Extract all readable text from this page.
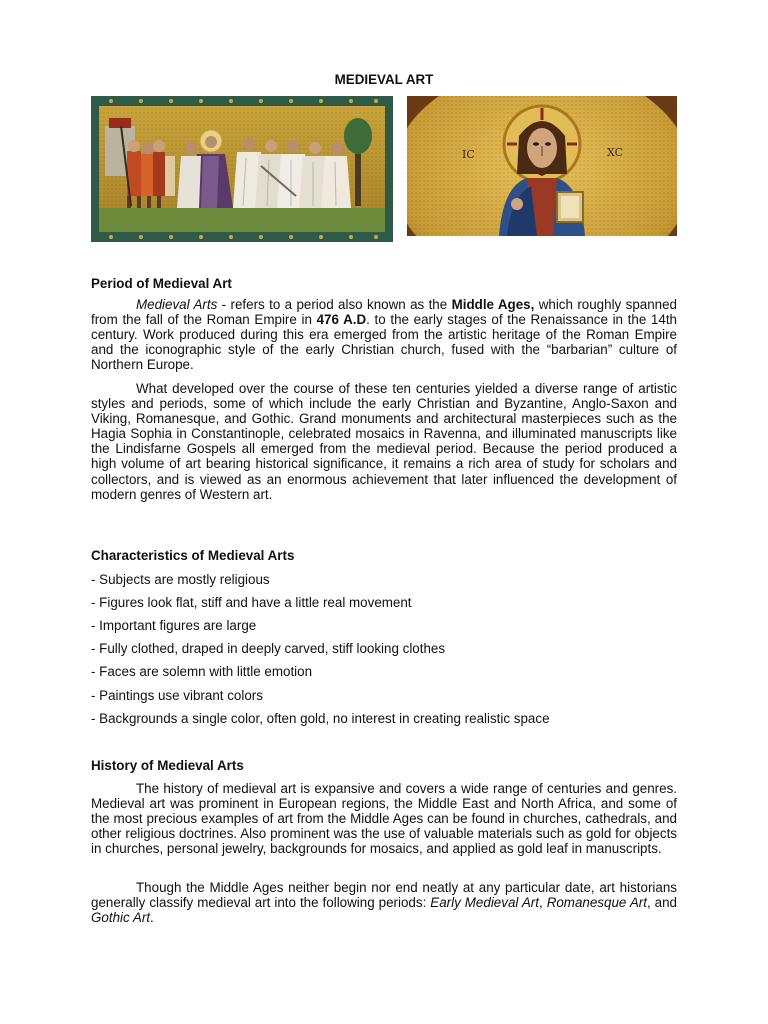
MEDIEVAL ART
IC	XC
Period of Medieval Art

Medieval Arts - refers to a period also known as the Middle Ages, which roughly spanned from the fall of the Roman Empire in 476 A.D. to the early stages of the Renaissance in the 14th century. Work produced during this era emerged from the artistic heritage of the Roman Empire and the iconographic style of the early Christian church, fused with the “barbarian” culture of Northern Europe.

What developed over the course of these ten centuries yielded a diverse range of artistic styles and periods, some of which include the early Christian and Byzantine, Anglo-Saxon and Viking, Romanesque, and Gothic. Grand monuments and architectural masterpieces such as the Hagia Sophia in Constantinople, celebrated mosaics in Ravenna, and illuminated manuscripts like the Lindisfarne Gospels all emerged from the medieval period. Because the period produced a high volume of art bearing historical significance, it remains a rich area of study for scholars and collectors, and is viewed as an enormous achievement that later influenced the development of modern genres of Western art.

Characteristics of Medieval Arts
- Subjects are mostly religious
- Figures look flat, stiff and have a little real movement
- Important figures are large
- Fully clothed, draped in deeply carved, stiff looking clothes
- Faces are solemn with little emotion
- Paintings use vibrant colors
- Backgrounds a single color, often gold, no interest in creating realistic space
History of Medieval Arts

The history of medieval art is expansive and covers a wide range of centuries and genres. Medieval art was prominent in European regions, the Middle East and North Africa, and some of the most precious examples of art from the Middle Ages can be found in churches, cathedrals, and other religious doctrines. Also prominent was the use of valuable materials such as gold for objects in churches, personal jewelry, backgrounds for mosaics, and applied as gold leaf in manuscripts.

Though the Middle Ages neither begin nor end neatly at any particular date, art historians generally classify medieval art into the following periods: Early Medieval Art, Romanesque Art, and Gothic Art.
